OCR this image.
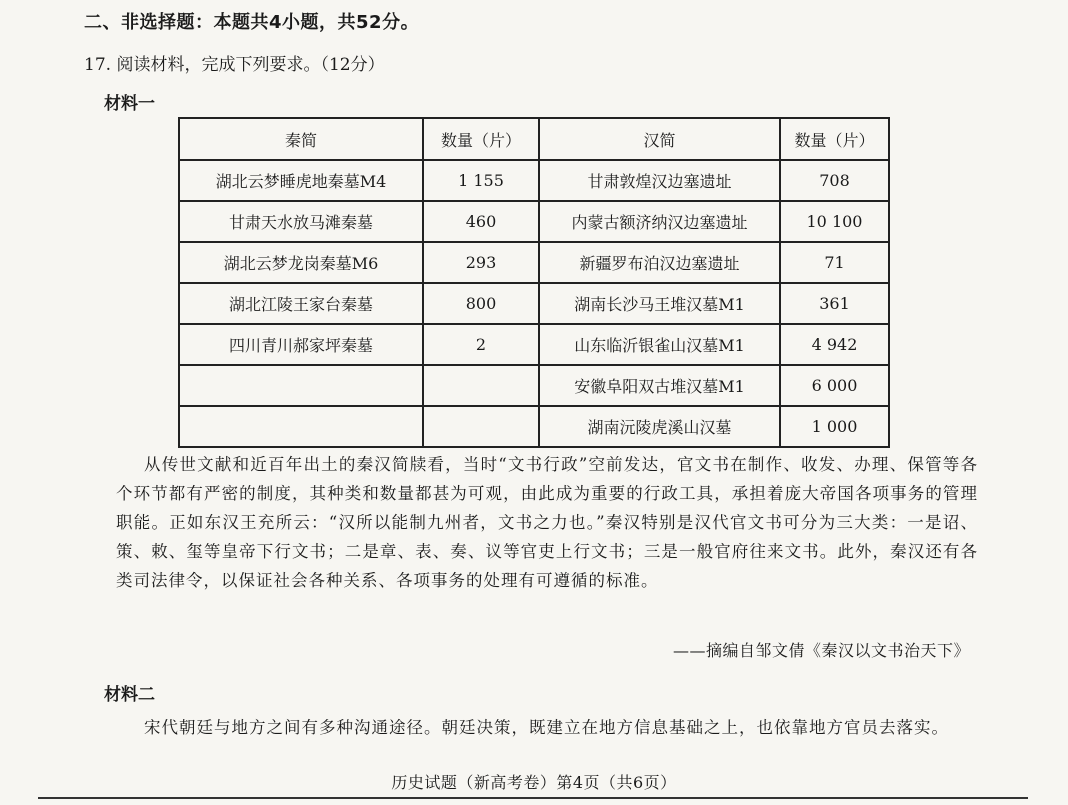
二、非选择题：本题共4小题，共52分。
17. 阅读材料，完成下列要求。（12分）
材料一
秦简	数量（片）	汉简	数量（片）
湖北云梦睡虎地秦墓M4	1 155	甘肃敦煌汉边塞遗址	708
甘肃天水放马滩秦墓	460	内蒙古额济纳汉边塞遗址	10 100
湖北云梦龙岗秦墓M6	293	新疆罗布泊汉边塞遗址	71
湖北江陵王家台秦墓	800	湖南长沙马王堆汉墓M1	361
四川青川郝家坪秦墓	2	山东临沂银雀山汉墓M1	4 942
		安徽阜阳双古堆汉墓M1	6 000
		湖南沅陵虎溪山汉墓	1 000
从传世文献和近百年出土的秦汉简牍看，当时“文书行政”空前发达，官文书在制作、收发、办理、保管等各个环节都有严密的制度，其种类和数量都甚为可观，由此成为重要的行政工具，承担着庞大帝国各项事务的管理职能。正如东汉王充所云：“汉所以能制九州者，文书之力也。”秦汉特别是汉代官文书可分为三大类：一是诏、策、敕、玺等皇帝下行文书；二是章、表、奏、议等官吏上行文书；三是一般官府往来文书。此外，秦汉还有各类司法律令，以保证社会各种关系、各项事务的处理有可遵循的标准。
——摘编自邹文倩《秦汉以文书治天下》
材料二
宋代朝廷与地方之间有多种沟通途径。朝廷决策，既建立在地方信息基础之上，也依靠地方官员去落实。
历史试题（新高考卷）第4页（共6页）
